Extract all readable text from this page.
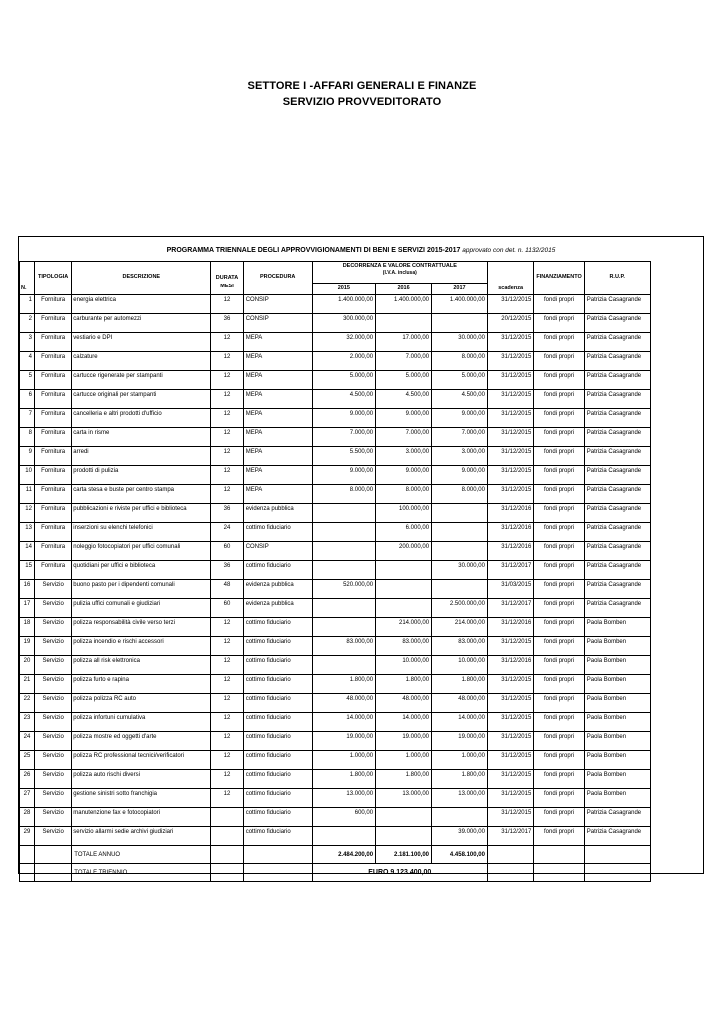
SETTORE I -AFFARI GENERALI E FINANZE
SERVIZIO PROVVEDITORATO
PROGRAMMA TRIENNALE DEGLI APPROVVIGIONAMENTI DI BENI E SERVIZI 2015-2017 approvato con det. n. 1132/2015
	TIPOLOGIA	DESCRIZIONE	DURATA	PROCEDURA	DECORRENZA E VALORE CONTRATTUALE
(I.V.A. inclusa)				FINANZIAMENTO	R.U.P.
N.			MESI		2015	2016	2017	scadenza		
1	Fornitura	energia elettrica	12	CONSIP	1.400.000,00	1.400.000,00	1.400.000,00	31/12/2015	fondi propri	Patrizia Casagrande
2	Fornitura	carburante per automezzi	36	CONSIP	300.000,00			20/12/2015	fondi propri	Patrizia Casagrande
3	Fornitura	vestiario e DPI	12	MEPA	32.000,00	17.000,00	30.000,00	31/12/2015	fondi propri	Patrizia Casagrande
4	Fornitura	calzature	12	MEPA	2.000,00	7.000,00	8.000,00	31/12/2015	fondi propri	Patrizia Casagrande
5	Fornitura	cartucce rigenerate per stampanti	12	MEPA	5.000,00	5.000,00	5.000,00	31/12/2015	fondi propri	Patrizia Casagrande
6	Fornitura	cartucce originali per stampanti	12	MEPA	4.500,00	4.500,00	4.500,00	31/12/2015	fondi propri	Patrizia Casagrande
7	Fornitura	cancelleria e altri prodotti d'ufficio	12	MEPA	9.000,00	9.000,00	9.000,00	31/12/2015	fondi propri	Patrizia Casagrande
8	Fornitura	carta in risme	12	MEPA	7.000,00	7.000,00	7.000,00	31/12/2015	fondi propri	Patrizia Casagrande
9	Fornitura	arredi	12	MEPA	5.500,00	3.000,00	3.000,00	31/12/2015	fondi propri	Patrizia Casagrande
10	Fornitura	prodotti di pulizia	12	MEPA	9.000,00	9.000,00	9.000,00	31/12/2015	fondi propri	Patrizia Casagrande
11	Fornitura	carta stesa e buste per centro stampa	12	MEPA	8.000,00	8.000,00	8.000,00	31/12/2015	fondi propri	Patrizia Casagrande
12	Fornitura	pubblicazioni e riviste per uffici e biblioteca	36	evidenza pubblica		100.000,00		31/12/2016	fondi propri	Patrizia Casagrande
13	Fornitura	inserzioni su elenchi telefonici	24	cottimo fiduciario		6.000,00		31/12/2016	fondi propri	Patrizia Casagrande
14	Fornitura	noleggio fotocopiatori per uffici comunali	60	CONSIP		200.000,00		31/12/2016	fondi propri	Patrizia Casagrande
15	Fornitura	quotidiani per uffici e biblioteca	36	cottimo fiduciario			30.000,00	31/12/2017	fondi propri	Patrizia Casagrande
16	Servizio	buono pasto per i dipendenti comunali	48	evidenza pubblica	520.000,00			31/03/2015	fondi propri	Patrizia Casagrande
17	Servizio	pulizia uffici comunali e giudiziari	60	evidenza pubblica			2.500.000,00	31/12/2017	fondi propri	Patrizia Casagrande
18	Servizio	polizza responsabilità civile verso terzi	12	cottimo fiduciario		214.000,00	214.000,00	31/12/2016	fondi propri	Paola Bomben
19	Servizio	polizza incendio e rischi accessori	12	cottimo fiduciario	83.000,00	83.000,00	83.000,00	31/12/2015	fondi propri	Paola Bomben
20	Servizio	polizza all risk elettronica	12	cottimo fiduciario		10.000,00	10.000,00	31/12/2016	fondi propri	Paola Bomben
21	Servizio	polizza furto e rapina	12	cottimo fiduciario	1.800,00	1.800,00	1.800,00	31/12/2015	fondi propri	Paola Bomben
22	Servizio	polizza polizza RC auto	12	cottimo fiduciario	48.000,00	48.000,00	48.000,00	31/12/2015	fondi propri	Paola Bomben
23	Servizio	polizza infortuni cumulativa	12	cottimo fiduciario	14.000,00	14.000,00	14.000,00	31/12/2015	fondi propri	Paola Bomben
24	Servizio	polizza mostre ed oggetti d'arte	12	cottimo fiduciario	19.000,00	19.000,00	19.000,00	31/12/2015	fondi propri	Paola Bomben
25	Servizio	polizza RC professional tecnici/verificatori	12	cottimo fiduciario	1.000,00	1.000,00	1.000,00	31/12/2015	fondi propri	Paola Bomben
26	Servizio	polizza auto rischi diversi	12	cottimo fiduciario	1.800,00	1.800,00	1.800,00	31/12/2015	fondi propri	Paola Bomben
27	Servizio	gestione sinistri sotto franchigia	12	cottimo fiduciario	13.000,00	13.000,00	13.000,00	31/12/2015	fondi propri	Paola Bomben
28	Servizio	manutenzione fax e fotocopiatori		cottimo fiduciario	600,00			31/12/2015	fondi propri	Patrizia Casagrande
29	Servizio	servizio allarmi sedie archivi giudiziari		cottimo fiduciario			39.000,00	31/12/2017	fondi propri	Patrizia Casagrande
		TOTALE ANNUO			2.484.200,00	2.181.100,00	4.458.100,00			
		TOTALE TRIENNIO			EURO 9.123.400,00					
